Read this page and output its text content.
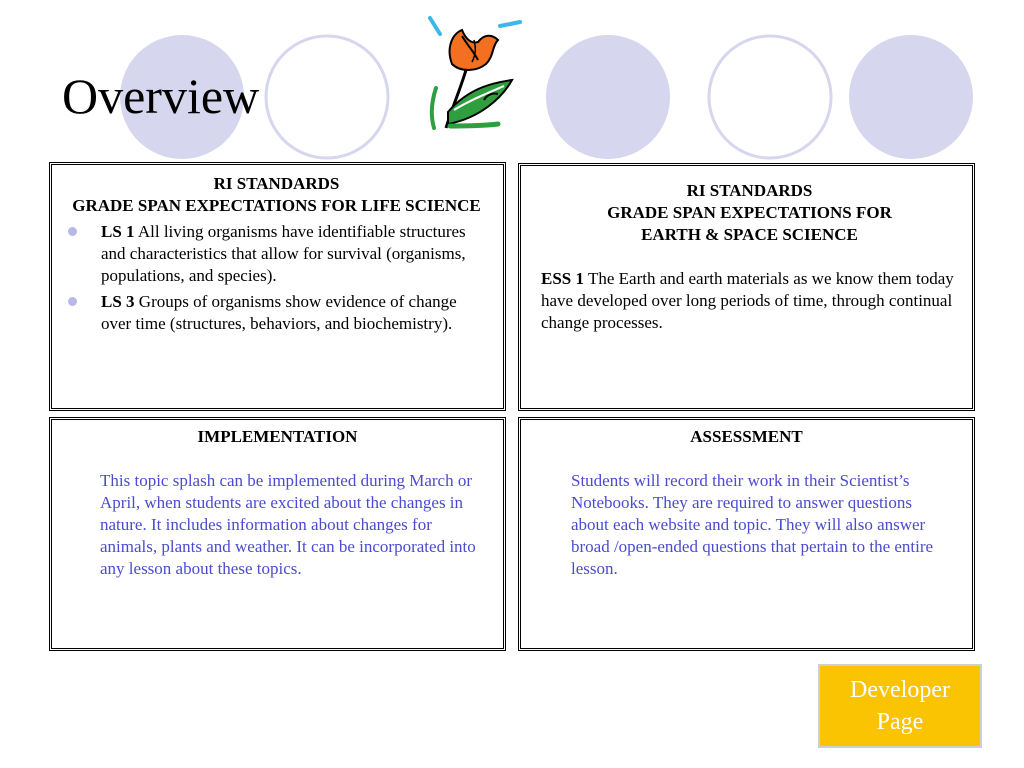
Overview
RI STANDARDS
GRADE SPAN EXPECTATIONS FOR LIFE SCIENCE
LS 1 All living organisms have identifiable structures and characteristics that allow for survival (organisms, populations, and species).
LS 3 Groups of organisms show evidence of change over time (structures, behaviors, and biochemistry).
RI STANDARDS
GRADE SPAN EXPECTATIONS FOR
EARTH & SPACE SCIENCE
ESS 1 The Earth and earth materials as we know them today have developed over long periods of time, through continual change processes.
IMPLEMENTATION
This topic splash can be implemented during March or April, when students are excited about the changes in nature. It includes information about changes for animals, plants and weather. It can be incorporated into any lesson about these topics.
ASSESSMENT
Students will record their work in their Scientist’s Notebooks. They are required to answer questions about each website and topic. They will also answer broad /open-ended questions that pertain to the entire lesson.
Developer
Page
